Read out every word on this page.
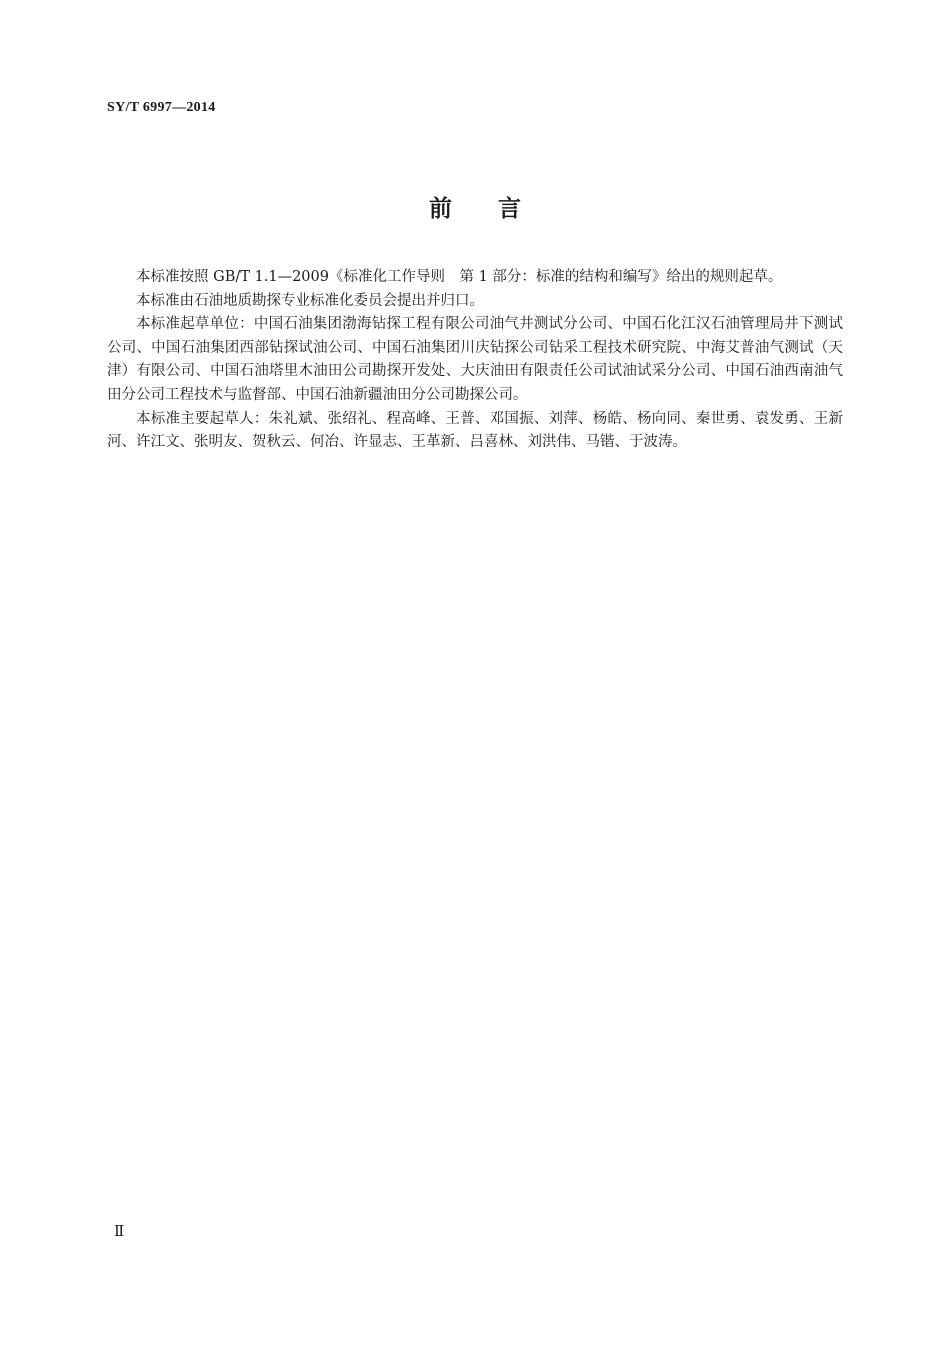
SY/T 6997—2014
前言

本标准按照 GB/T 1.1—2009《标准化工作导则　第 1 部分：标准的结构和编写》给出的规则起草。

本标准由石油地质勘探专业标准化委员会提出并归口。

本标准起草单位：中国石油集团渤海钻探工程有限公司油气井测试分公司、中国石化江汉石油管理局井下测试公司、中国石油集团西部钻探试油公司、中国石油集团川庆钻探公司钻采工程技术研究院、中海艾普油气测试（天津）有限公司、中国石油塔里木油田公司勘探开发处、大庆油田有限责任公司试油试采分公司、中国石油西南油气田分公司工程技术与监督部、中国石油新疆油田分公司勘探公司。

本标准主要起草人：朱礼斌、张绍礼、程高峰、王普、邓国振、刘萍、杨皓、杨向同、秦世勇、袁发勇、王新河、许江文、张明友、贺秋云、何冶、许显志、王革新、吕喜林、刘洪伟、马锴、于波涛。

Ⅱ
